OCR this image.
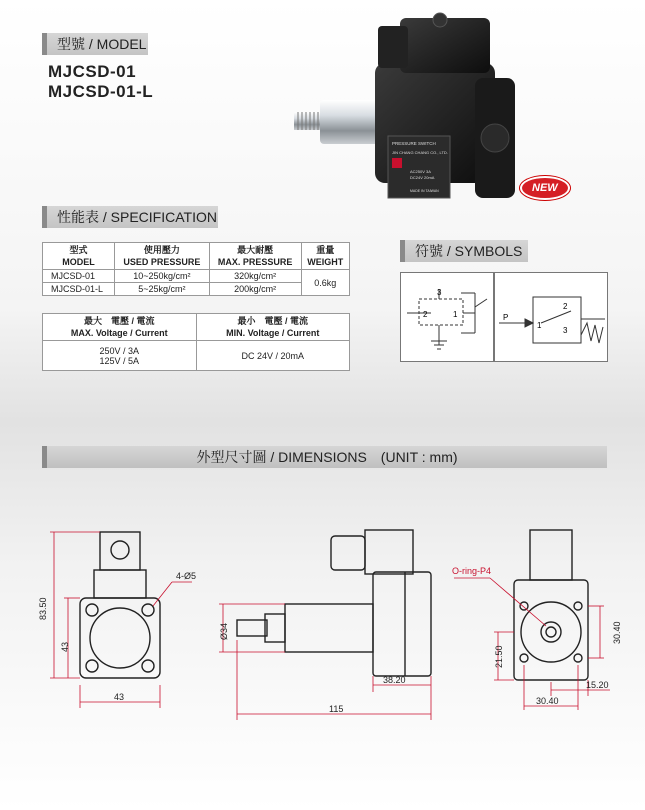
型號 / MODEL
MJCSD-01
MJCSD-01-L
PRESSURE SWITCH
JIN CHANG CHANG CO., LTD.
AC250V 3A
DC24V 20mA
MADE IN TAIWAN	NEW
性能表 / SPECIFICATION
型式
MODEL	使用壓力
USED PRESSURE	最大耐壓
MAX. PRESSURE	重量
WEIGHT
MJCSD-01	10~250kg/cm²	320kg/cm²	0.6kg
MJCSD-01-L	5~25kg/cm²	200kg/cm²	
最大　電壓 / 電流
MAX. Voltage / Current	最小　電壓 / 電流
MIN. Voltage / Current
250V / 3A
125V / 5A	DC 24V / 20mA
符號 / SYMBOLS
3
2	1	P
1
2
3
外型尺寸圖 / DIMENSIONS　(UNIT : mm)
83.50
43
43
4-Ø5
Ø34
38.20
115
O-ring-P4
21.50
30.40
15.20
30.40
